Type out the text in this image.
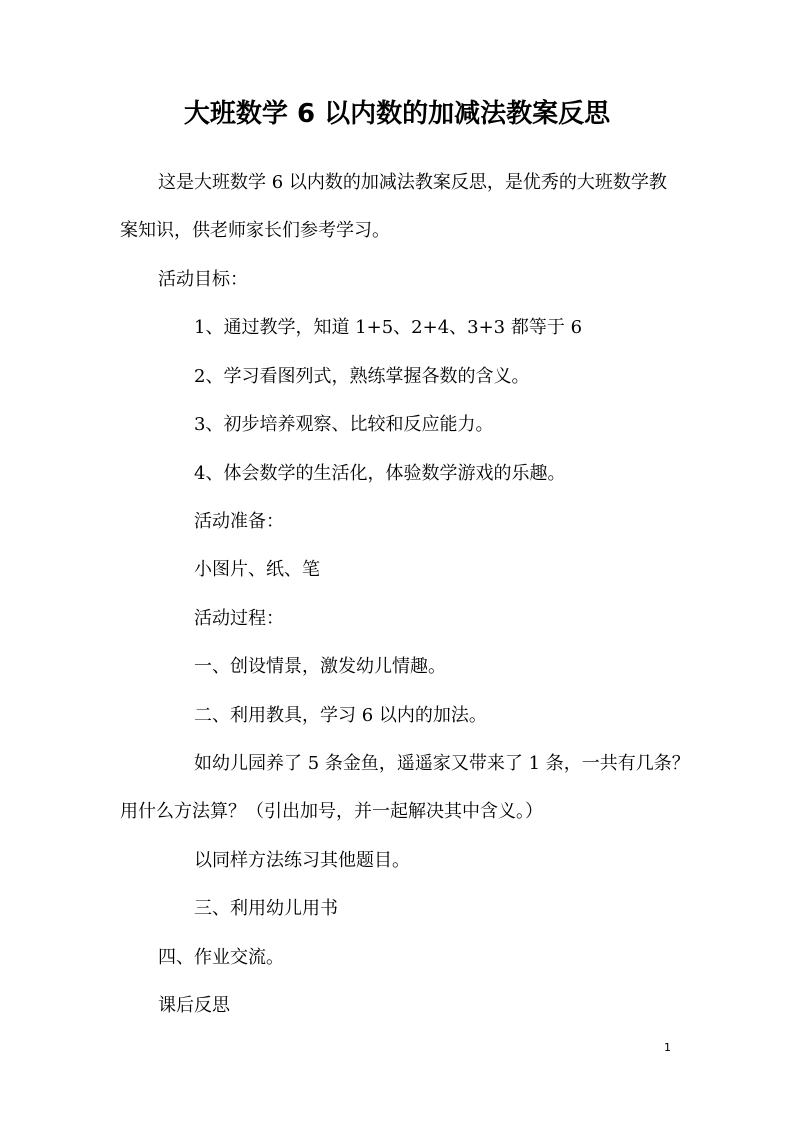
大班数学 6 以内数的加减法教案反思
这是大班数学 6 以内数的加减法教案反思，是优秀的大班数学教
案知识，供老师家长们参考学习。
活动目标：
1、通过教学，知道 1+5、2+4、3+3 都等于 6
2、学习看图列式，熟练掌握各数的含义。
3、初步培养观察、比较和反应能力。
4、体会数学的生活化，体验数学游戏的乐趣。
活动准备：
小图片、纸、笔
活动过程：
一、创设情景，激发幼儿情趣。
二、利用教具，学习 6 以内的加法。
如幼儿园养了 5 条金鱼，遥遥家又带来了 1 条，一共有几条？
用什么方法算？（引出加号，并一起解决其中含义。）
以同样方法练习其他题目。
三、利用幼儿用书
四、作业交流。
课后反思
1
